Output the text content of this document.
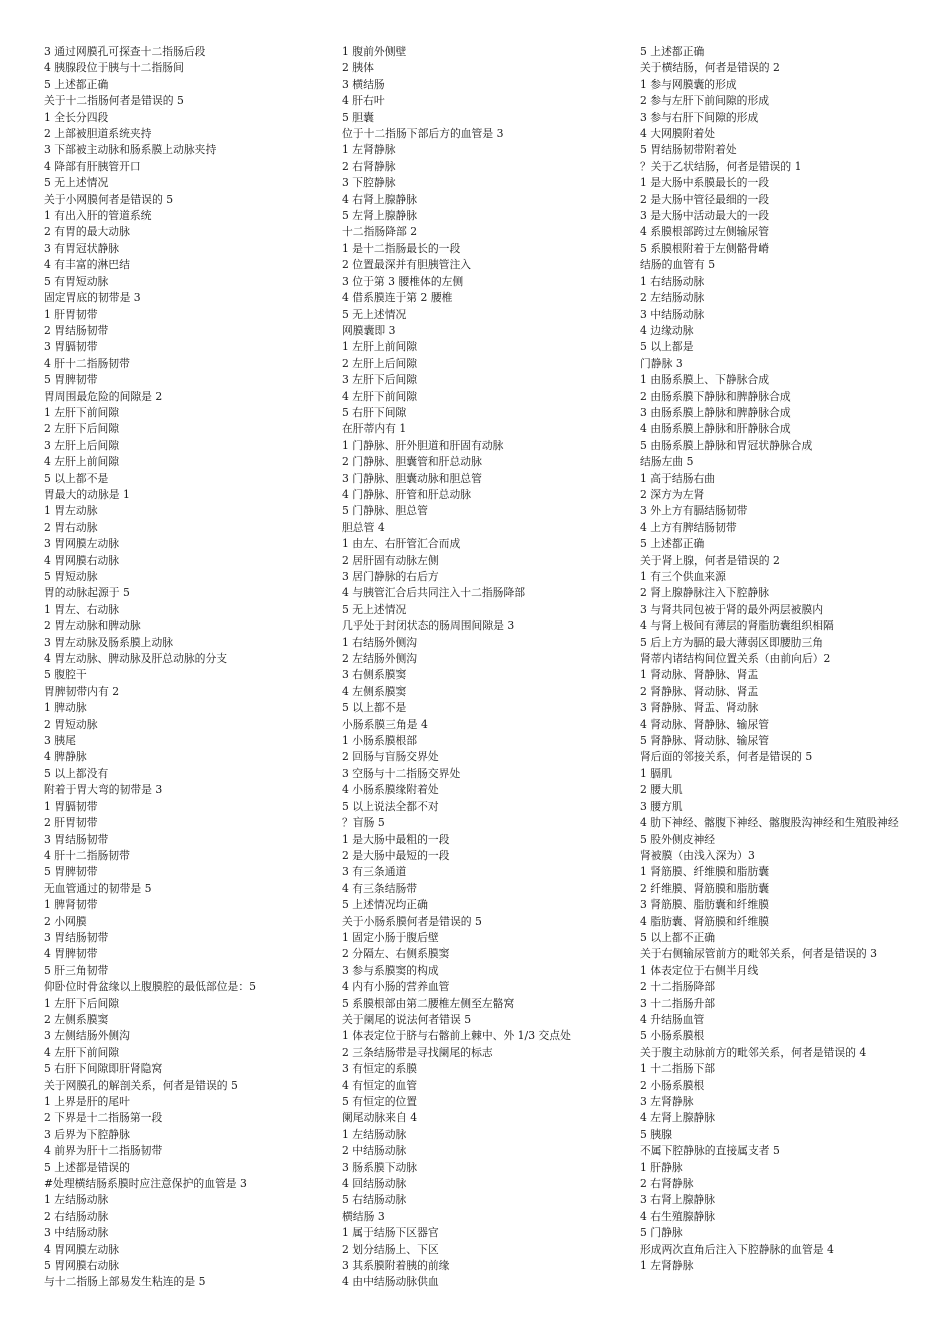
3 通过网膜孔可探查十二指肠后段
4 胰腺段位于胰与十二指肠间
5 上述都正确
关于十二指肠何者是错误的 5
1 全长分四段
2 上部被胆道系统夹持
3 下部被主动脉和肠系膜上动脉夹持
4 降部有肝胰管开口
5 无上述情况
关于小网膜何者是错误的 5
1 有出入肝的管道系统
2 有胃的最大动脉
3 有胃冠状静脉
4 有丰富的淋巴结
5 有胃短动脉
固定胃底的韧带是 3
1 肝胃韧带
2 胃结肠韧带
3 胃膈韧带
4 肝十二指肠韧带
5 胃脾韧带
胃周围最危险的间隙是 2
1 左肝下前间隙
2 左肝下后间隙
3 左肝上后间隙
4 左肝上前间隙
5 以上都不是
胃最大的动脉是 1
1 胃左动脉
2 胃右动脉
3 胃网膜左动脉
4 胃网膜右动脉
5 胃短动脉
胃的动脉起源于 5
1 胃左、右动脉
2 胃左动脉和脾动脉
3 胃左动脉及肠系膜上动脉
4 胃左动脉、脾动脉及肝总动脉的分支
5 腹腔干
胃脾韧带内有 2
1 脾动脉
2 胃短动脉
3 胰尾
4 脾静脉
5 以上都没有
附着于胃大弯的韧带是 3
1 胃膈韧带
2 肝胃韧带
3 胃结肠韧带
4 肝十二指肠韧带
5 胃脾韧带
无血管通过的韧带是 5
1 脾肾韧带
2 小网膜
3 胃结肠韧带
4 胃脾韧带
5 肝三角韧带
仰卧位时骨盆缘以上腹膜腔的最低部位是：5
1 左肝下后间隙
2 左侧系膜窦
3 左侧结肠外侧沟
4 左肝下前间隙
5 右肝下间隙即肝肾隐窝
关于网膜孔的解剖关系，何者是错误的 5
1 上界是肝的尾叶
2 下界是十二指肠第一段
3 后界为下腔静脉
4 前界为肝十二指肠韧带
5 上述都是错误的
#处理横结肠系膜时应注意保护的血管是 3
1 左结肠动脉
2 右结肠动脉
3 中结肠动脉
4 胃网膜左动脉
5 胃网膜右动脉
与十二指肠上部易发生粘连的是 5
1 腹前外侧壁
2 胰体
3 横结肠
4 肝右叶
5 胆囊
位于十二指肠下部后方的血管是 3
1 左肾静脉
2 右肾静脉
3 下腔静脉
4 右肾上腺静脉
5 左肾上腺静脉
十二指肠降部 2
1 是十二指肠最长的一段
2 位置最深并有胆胰管注入
3 位于第 3 腰椎体的左侧
4 借系膜连于第 2 腰椎
5 无上述情况
网膜囊即 3
1 左肝上前间隙
2 左肝上后间隙
3 左肝下后间隙
4 左肝下前间隙
5 右肝下间隙
在肝蒂内有 1
1 门静脉、肝外胆道和肝固有动脉
2 门静脉、胆囊管和肝总动脉
3 门静脉、胆囊动脉和胆总管
4 门静脉、肝管和肝总动脉
5 门静脉、胆总管
胆总管 4
1 由左、右肝管汇合而成
2 居肝固有动脉左侧
3 居门静脉的右后方
4 与胰管汇合后共同注入十二指肠降部
5 无上述情况
几乎处于封闭状态的肠周围间隙是 3
1 右结肠外侧沟
2 左结肠外侧沟
3 右侧系膜窦
4 左侧系膜窦
5 以上都不是
小肠系膜三角是 4
1 小肠系膜根部
2 回肠与盲肠交界处
3 空肠与十二指肠交界处
4 小肠系膜缘附着处
5 以上说法全都不对
？盲肠 5
1 是大肠中最粗的一段
2 是大肠中最短的一段
3 有三条通道
4 有三条结肠带
5 上述情况均正确
关于小肠系膜何者是错误的 5
1 固定小肠于腹后壁
2 分隔左、右侧系膜窦
3 参与系膜窦的构成
4 内有小肠的营养血管
5 系膜根部由第二腰椎左侧至左骼窝
关于阑尾的说法何者错误 5
1 体表定位于脐与右髂前上棘中、外 1/3 交点处
2 三条结肠带是寻找阑尾的标志
3 有恒定的系膜
4 有恒定的血管
5 有恒定的位置
阑尾动脉来自 4
1 左结肠动脉
2 中结肠动脉
3 肠系膜下动脉
4 回结肠动脉
5 右结肠动脉
横结肠 3
1 属于结肠下区器官
2 划分结肠上、下区
3 其系膜附着胰的前缘
4 由中结肠动脉供血
5 上述都正确
关于横结肠，何者是错误的 2
1 参与网膜囊的形成
2 参与左肝下前间隙的形成
3 参与右肝下间隙的形成
4 大网膜附着处
5 胃结肠韧带附着处
？关于乙状结肠，何者是错误的 1
1 是大肠中系膜最长的一段
2 是大肠中管径最细的一段
3 是大肠中活动最大的一段
4 系膜根部跨过左侧输尿管
5 系膜根附着于左侧骼骨嵴
结肠的血管有 5
1 右结肠动脉
2 左结肠动脉
3 中结肠动脉
4 边缘动脉
5 以上都是
门静脉 3
1 由肠系膜上、下静脉合成
2 由肠系膜下静脉和脾静脉合成
3 由肠系膜上静脉和脾静脉合成
4 由肠系膜上静脉和肝静脉合成
5 由肠系膜上静脉和胃冠状静脉合成
结肠左曲 5
1 高于结肠右曲
2 深方为左肾
3 外上方有膈结肠韧带
4 上方有脾结肠韧带
5 上述都正确
关于肾上腺，何者是错误的 2
1 有三个供血来源
2 肾上腺静脉注入下腔静脉
3 与肾共同包被于肾的最外两层被膜内
4 与肾上极间有薄层的肾脂肪囊组织相隔
5 后上方为膈的最大薄弱区即腰肋三角
肾蒂内诸结构间位置关系（由前向后）2
1 肾动脉、肾静脉、肾盂
2 肾静脉、肾动脉、肾盂
3 肾静脉、肾盂、肾动脉
4 肾动脉、肾静脉、输尿管
5 肾静脉、肾动脉、输尿管
肾后面的邻接关系，何者是错误的 5
1 膈肌
2 腰大肌
3 腰方肌
4 肋下神经、髂腹下神经、髂腹股沟神经和生殖股神经
5 股外侧皮神经
肾被膜（由浅入深为）3
1 肾筋膜、纤维膜和脂肪囊
2 纤维膜、肾筋膜和脂肪囊
3 肾筋膜、脂肪囊和纤维膜
4 脂肪囊、肾筋膜和纤维膜
5 以上都不正确
关于右侧输尿管前方的毗邻关系，何者是错误的 3
1 体表定位于右侧半月线
2 十二指肠降部
3 十二指肠升部
4 升结肠血管
5 小肠系膜根
关于腹主动脉前方的毗邻关系，何者是错误的 4
1 十二指肠下部
2 小肠系膜根
3 左肾静脉
4 左肾上腺静脉
5 胰腺
不属下腔静脉的直接属支者 5
1 肝静脉
2 右肾静脉
3 右肾上腺静脉
4 右生殖腺静脉
5 门静脉
形成两次直角后注入下腔静脉的血管是 4
1 左肾静脉
